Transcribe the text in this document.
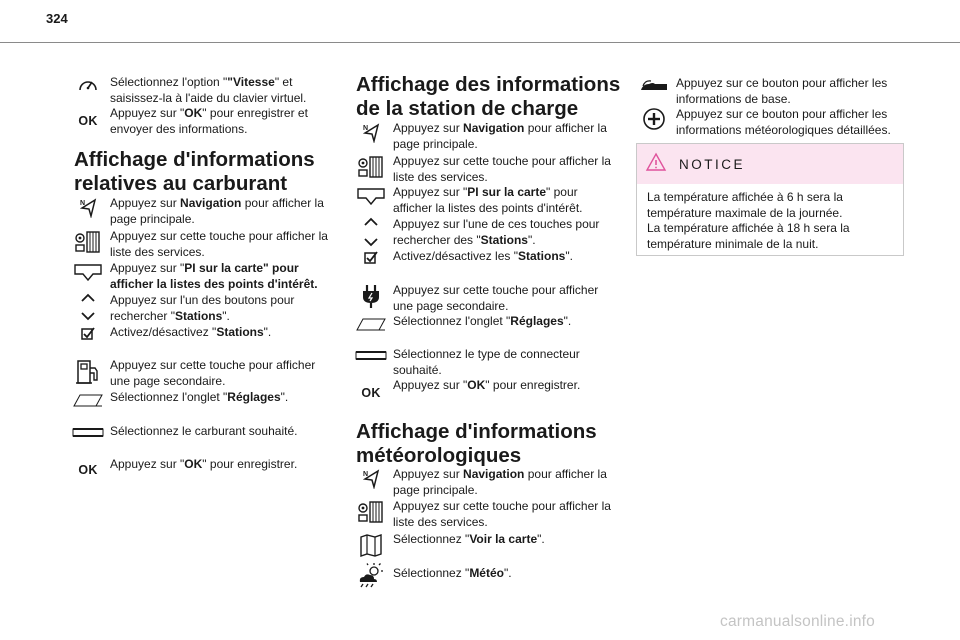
324
Sélectionnez l'option ""Vitesse" et saisissez-la à l'aide du clavier virtuel.
OK
Appuyez sur "OK" pour enregistrer et envoyer des informations.
Affichage d'informations relatives au carburant
N Appuyez sur Navigation pour afficher la page principale.
Appuyez sur cette touche pour afficher la liste des services.
Appuyez sur "PI sur la carte" pour afficher la listes des points d'intérêt.
Appuyez sur l'un des boutons pour rechercher "Stations".
Activez/désactivez "Stations".
Appuyez sur cette touche pour afficher une page secondaire.
Sélectionnez l'onglet "Réglages".
Sélectionnez le carburant souhaité.
OK Appuyez sur "OK" pour enregistrer.
Affichage des informations de la station de charge
N Appuyez sur Navigation pour afficher la page principale.
Appuyez sur cette touche pour afficher la liste des services.
Appuyez sur "PI sur la carte" pour afficher la listes des points d'intérêt.
Appuyez sur l'une de ces touches pour rechercher des "Stations".
Activez/désactivez les "Stations".
Appuyez sur cette touche pour afficher une page secondaire.
Sélectionnez l'onglet "Réglages".
Sélectionnez le type de connecteur souhaité.
OK
Appuyez sur "OK" pour enregistrer.
Affichage d'informations météorologiques
N Appuyez sur Navigation pour afficher la page principale.
Appuyez sur cette touche pour afficher la liste des services.
Sélectionnez "Voir la carte".
Sélectionnez "Météo".
Appuyez sur ce bouton pour afficher les informations de base.
Appuyez sur ce bouton pour afficher les informations météorologiques détaillées.
NOTICE
La température affichée à 6 h sera la température maximale de la journée.
La température affichée à 18 h sera la température minimale de la nuit.
carmanualsonline.info
